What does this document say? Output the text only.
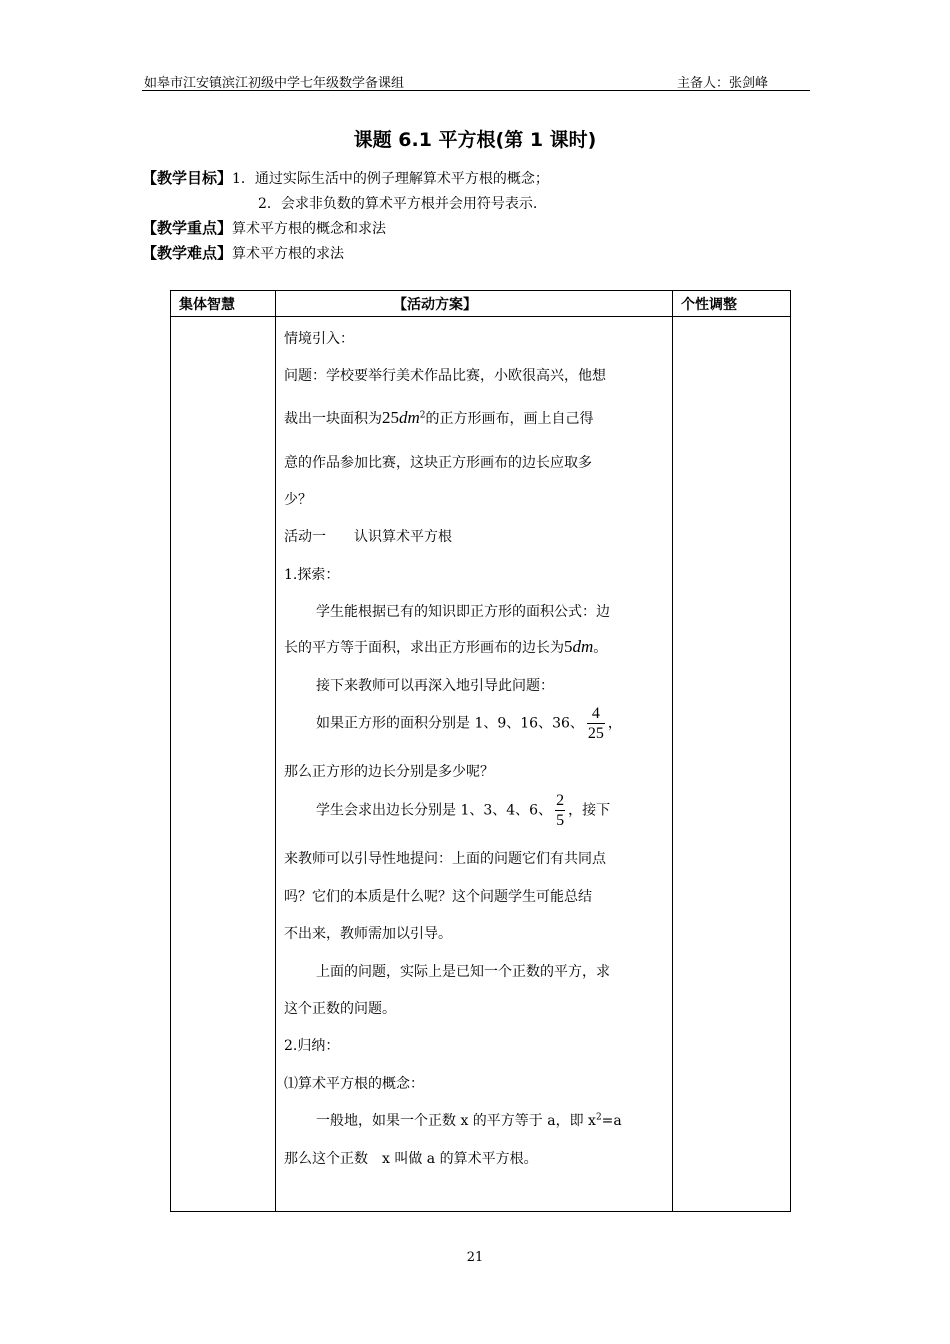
如皋市江安镇滨江初级中学七年级数学备课组	主备人：张剑峰
课题 6.1 平方根(第 1 课时)
【教学目标】1．通过实际生活中的例子理解算术平方根的概念；
2．会求非负数的算术平方根并会用符号表示.
【教学重点】算术平方根的概念和求法
【教学难点】算术平方根的求法
集体智慧	【活动方案】	个性调整
情境引入：
问题：学校要举行美术作品比赛，小欧很高兴，他想
裁出一块面积为$25dm^2$的正方形画布，画上自己得
意的作品参加比赛，这块正方形画布的边长应取多
少？
活动一　　认识算术平方根
1.探索：
学生能根据已有的知识即正方形的面积公式：边
长的平方等于面积，求出正方形画布的边长为5dm。
接下来教师可以再深入地引导此问题：
如果正方形的面积分别是 1、9、16、36、 $\frac{4}{25}$ ，
那么正方形的边长分别是多少呢？
学生会求出边长分别是 1、3、4、6、 $\frac{2}{5}$ ，接下
来教师可以引导性地提问：上面的问题它们有共同点
吗？它们的本质是什么呢？这个问题学生可能总结
不出来，教师需加以引导。
上面的问题，实际上是已知一个正数的平方，求
这个正数的问题。
2.归纳：
⑴算术平方根的概念：
一般地，如果一个正数 x 的平方等于 a，即 $x^2=a$
那么这个正数　x 叫做 a 的算术平方根。
21
